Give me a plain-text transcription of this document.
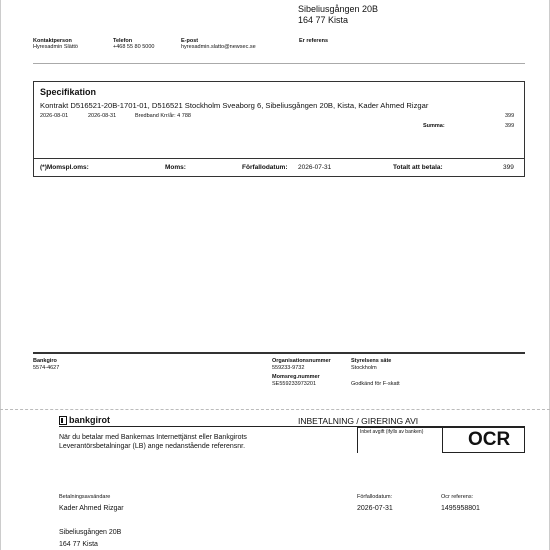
Sibeliusgången 20B
164 77 Kista
Kontaktperson
Hyresadmin Slättö
Telefon
+468 55 80 5000
E-post
hyresadmin.slatto@newsec.se
Er referens
Specifikation
Kontrakt D516521-20B-1701-01, D516521 Stockholm Sveaborg 6, Sibeliusgången 20B, Kista, Kader Ahmed Rizgar
2026-08-01	2026-08-31	Bredband Krr/år: 4 788	399
Summa:	399
(*)Momspl.oms:	Moms:	Förfallodatum: 2026-07-31	Totalt att betala:	399
Bankgiro
5574-4627
Organisationsnummer
559233-9732
Momsreg.nummer
SE559233973201
Styrelsens säte
Stockholm
Godkänd för F-skatt
bankgirot	INBETALNING / GIRERING AVI
När du betalar med Bankernas Internettjänst eller Bankgirots
Leverantörsbetalningar (LB) ange nedanstående referensnr.
Inbet avgift (ifylls av banken) OCR
Betalningsavsändare
Kader Ahmed Rizgar
Förfallodatum:
2026-07-31
Ocr referens:
1495958801
Sibeliusgången 20B
164 77 Kista
